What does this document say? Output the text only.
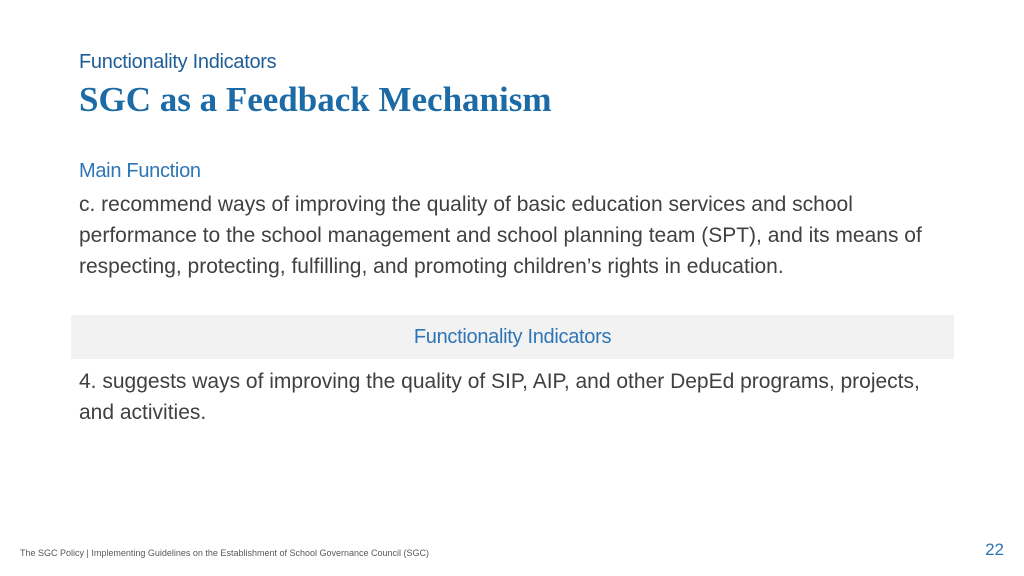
Functionality Indicators
SGC as a Feedback Mechanism
Main Function
c. recommend ways of improving the quality of basic education services and school performance to the school management and school planning team (SPT), and its means of respecting, protecting, fulfilling, and promoting children’s rights in education.
Functionality Indicators
4. suggests ways of improving the quality of SIP, AIP, and other DepEd programs, projects, and activities.
The SGC Policy | Implementing Guidelines on the Establishment of School Governance Council (SGC)	22
